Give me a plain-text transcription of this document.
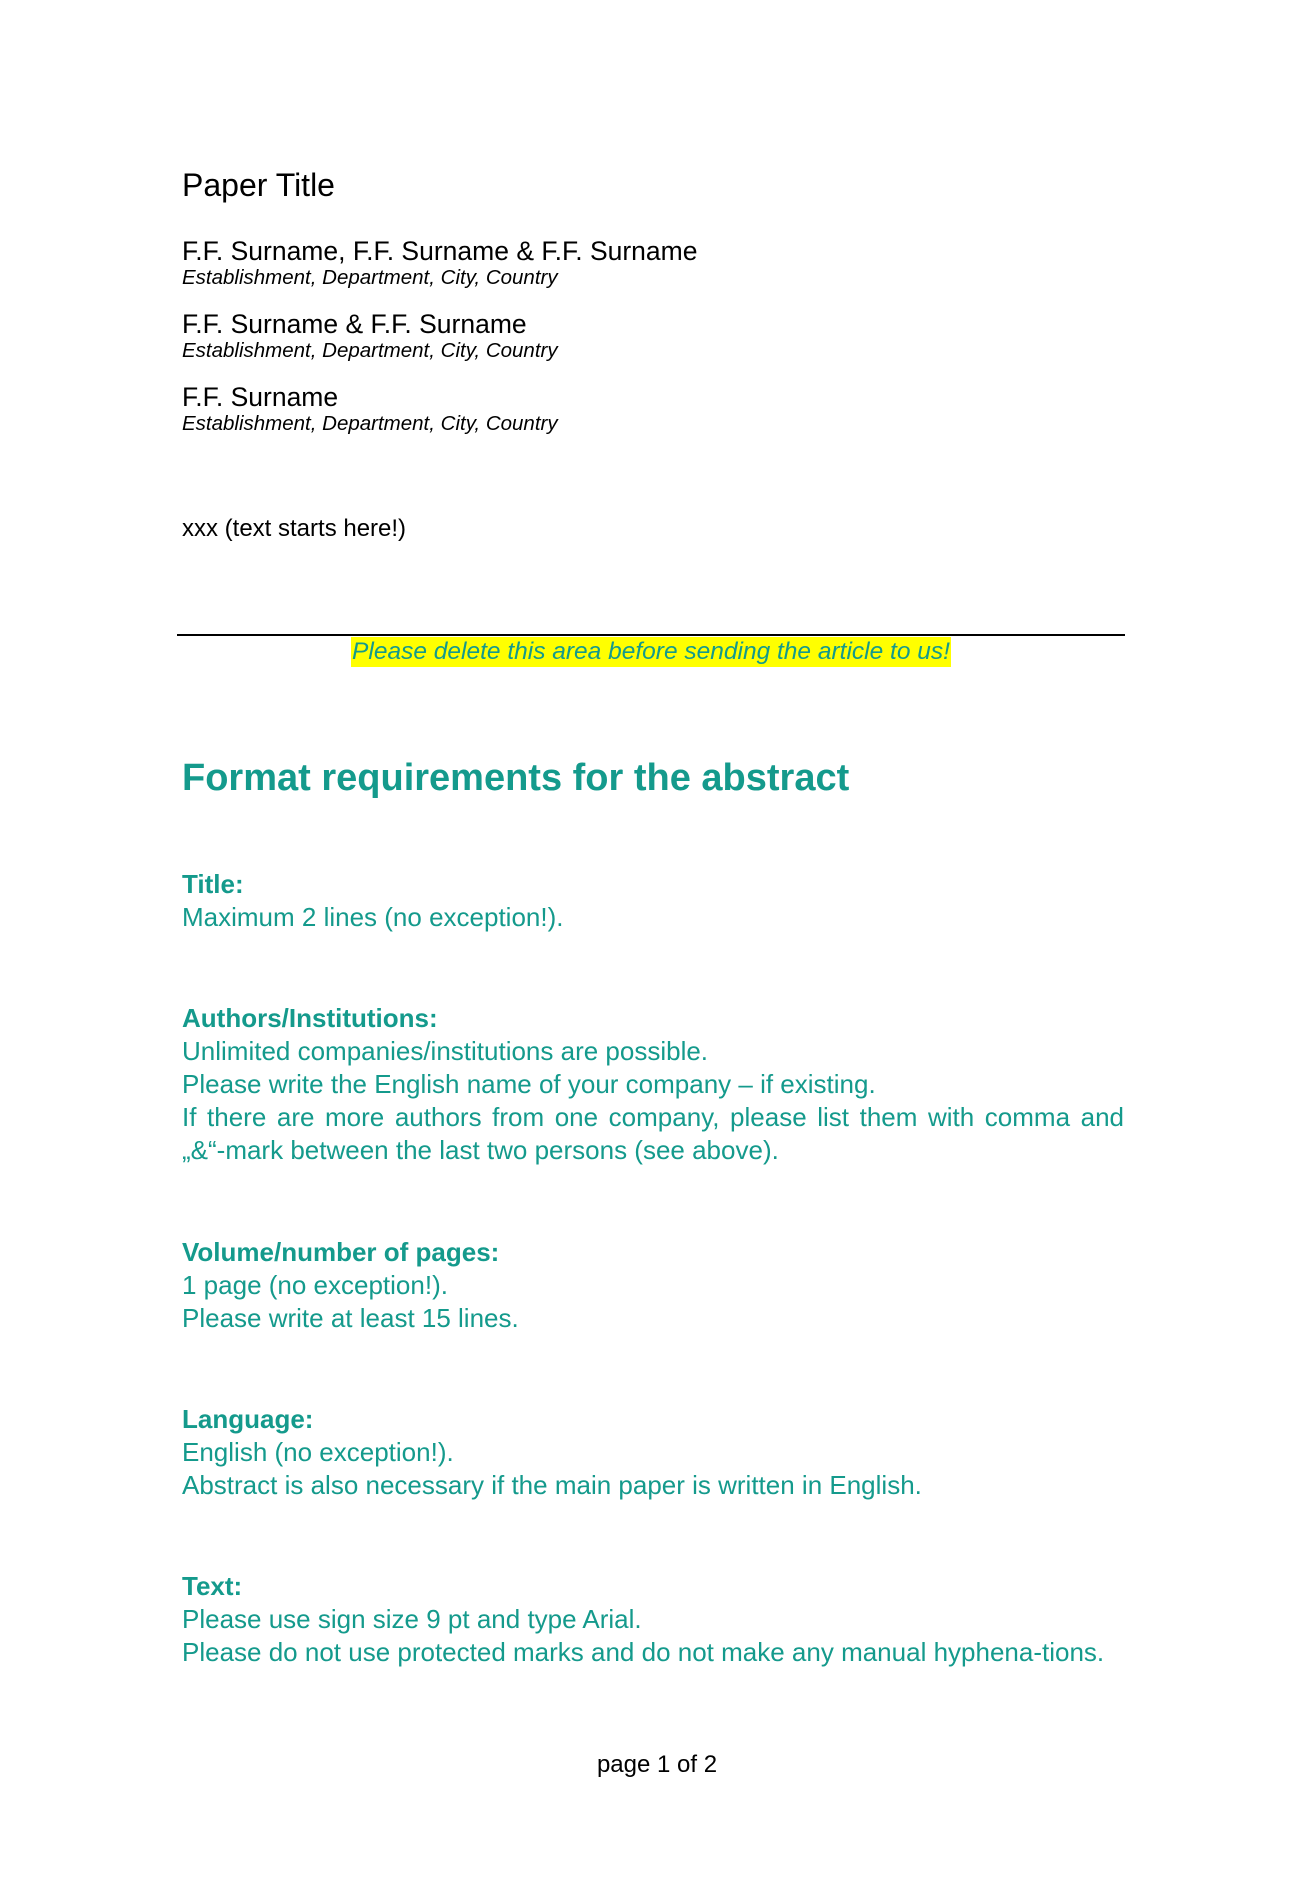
Paper Title
F.F. Surname, F.F. Surname & F.F. Surname
Establishment, Department, City, Country
F.F. Surname & F.F. Surname
Establishment, Department, City, Country
F.F. Surname
Establishment, Department, City, Country
xxx (text starts here!)
Format requirements for the abstract
Title:
Maximum 2 lines (no exception!).
Authors/Institutions:
Unlimited companies/institutions are possible.
Please write the English name of your company – if existing.
If there are more authors from one company, please list them with comma and „&“-mark between the last two persons (see above).
Volume/number of pages:
1 page (no exception!).
Please write at least 15 lines.
Language:
English (no exception!).
Abstract is also necessary if the main paper is written in English.
Text:
Please use sign size 9 pt and type Arial.
Please do not use protected marks and do not make any manual hyphena-tions.
Please delete this area before sending the article to us!
page 1 of 2
